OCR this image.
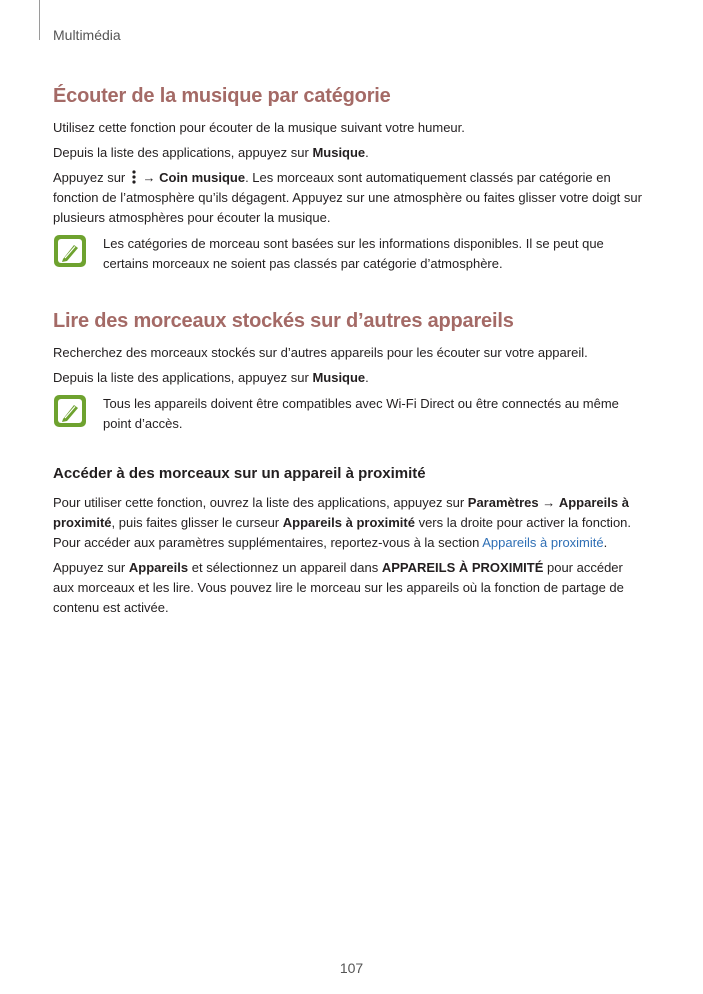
Multimédia
Écouter de la musique par catégorie

Utilisez cette fonction pour écouter de la musique suivant votre humeur.

Depuis la liste des applications, appuyez sur Musique.

Appuyez sur  → Coin musique. Les morceaux sont automatiquement classés par catégorie en fonction de l’atmosphère qu’ils dégagent. Appuyez sur une atmosphère ou faites glisser votre doigt sur plusieurs atmosphères pour écouter la musique.

Les catégories de morceau sont basées sur les informations disponibles. Il se peut que certains morceaux ne soient pas classés par catégorie d’atmosphère.
Lire des morceaux stockés sur d’autres appareils

Recherchez des morceaux stockés sur d’autres appareils pour les écouter sur votre appareil.

Depuis la liste des applications, appuyez sur Musique.

Tous les appareils doivent être compatibles avec Wi-Fi Direct ou être connectés au même point d’accès.
Accéder à des morceaux sur un appareil à proximité

Pour utiliser cette fonction, ouvrez la liste des applications, appuyez sur Paramètres → Appareils à proximité, puis faites glisser le curseur Appareils à proximité vers la droite pour activer la fonction. Pour accéder aux paramètres supplémentaires, reportez-vous à la section Appareils à proximité.

Appuyez sur Appareils et sélectionnez un appareil dans APPAREILS À PROXIMITÉ pour accéder aux morceaux et les lire. Vous pouvez lire le morceau sur les appareils où la fonction de partage de contenu est activée.

107
